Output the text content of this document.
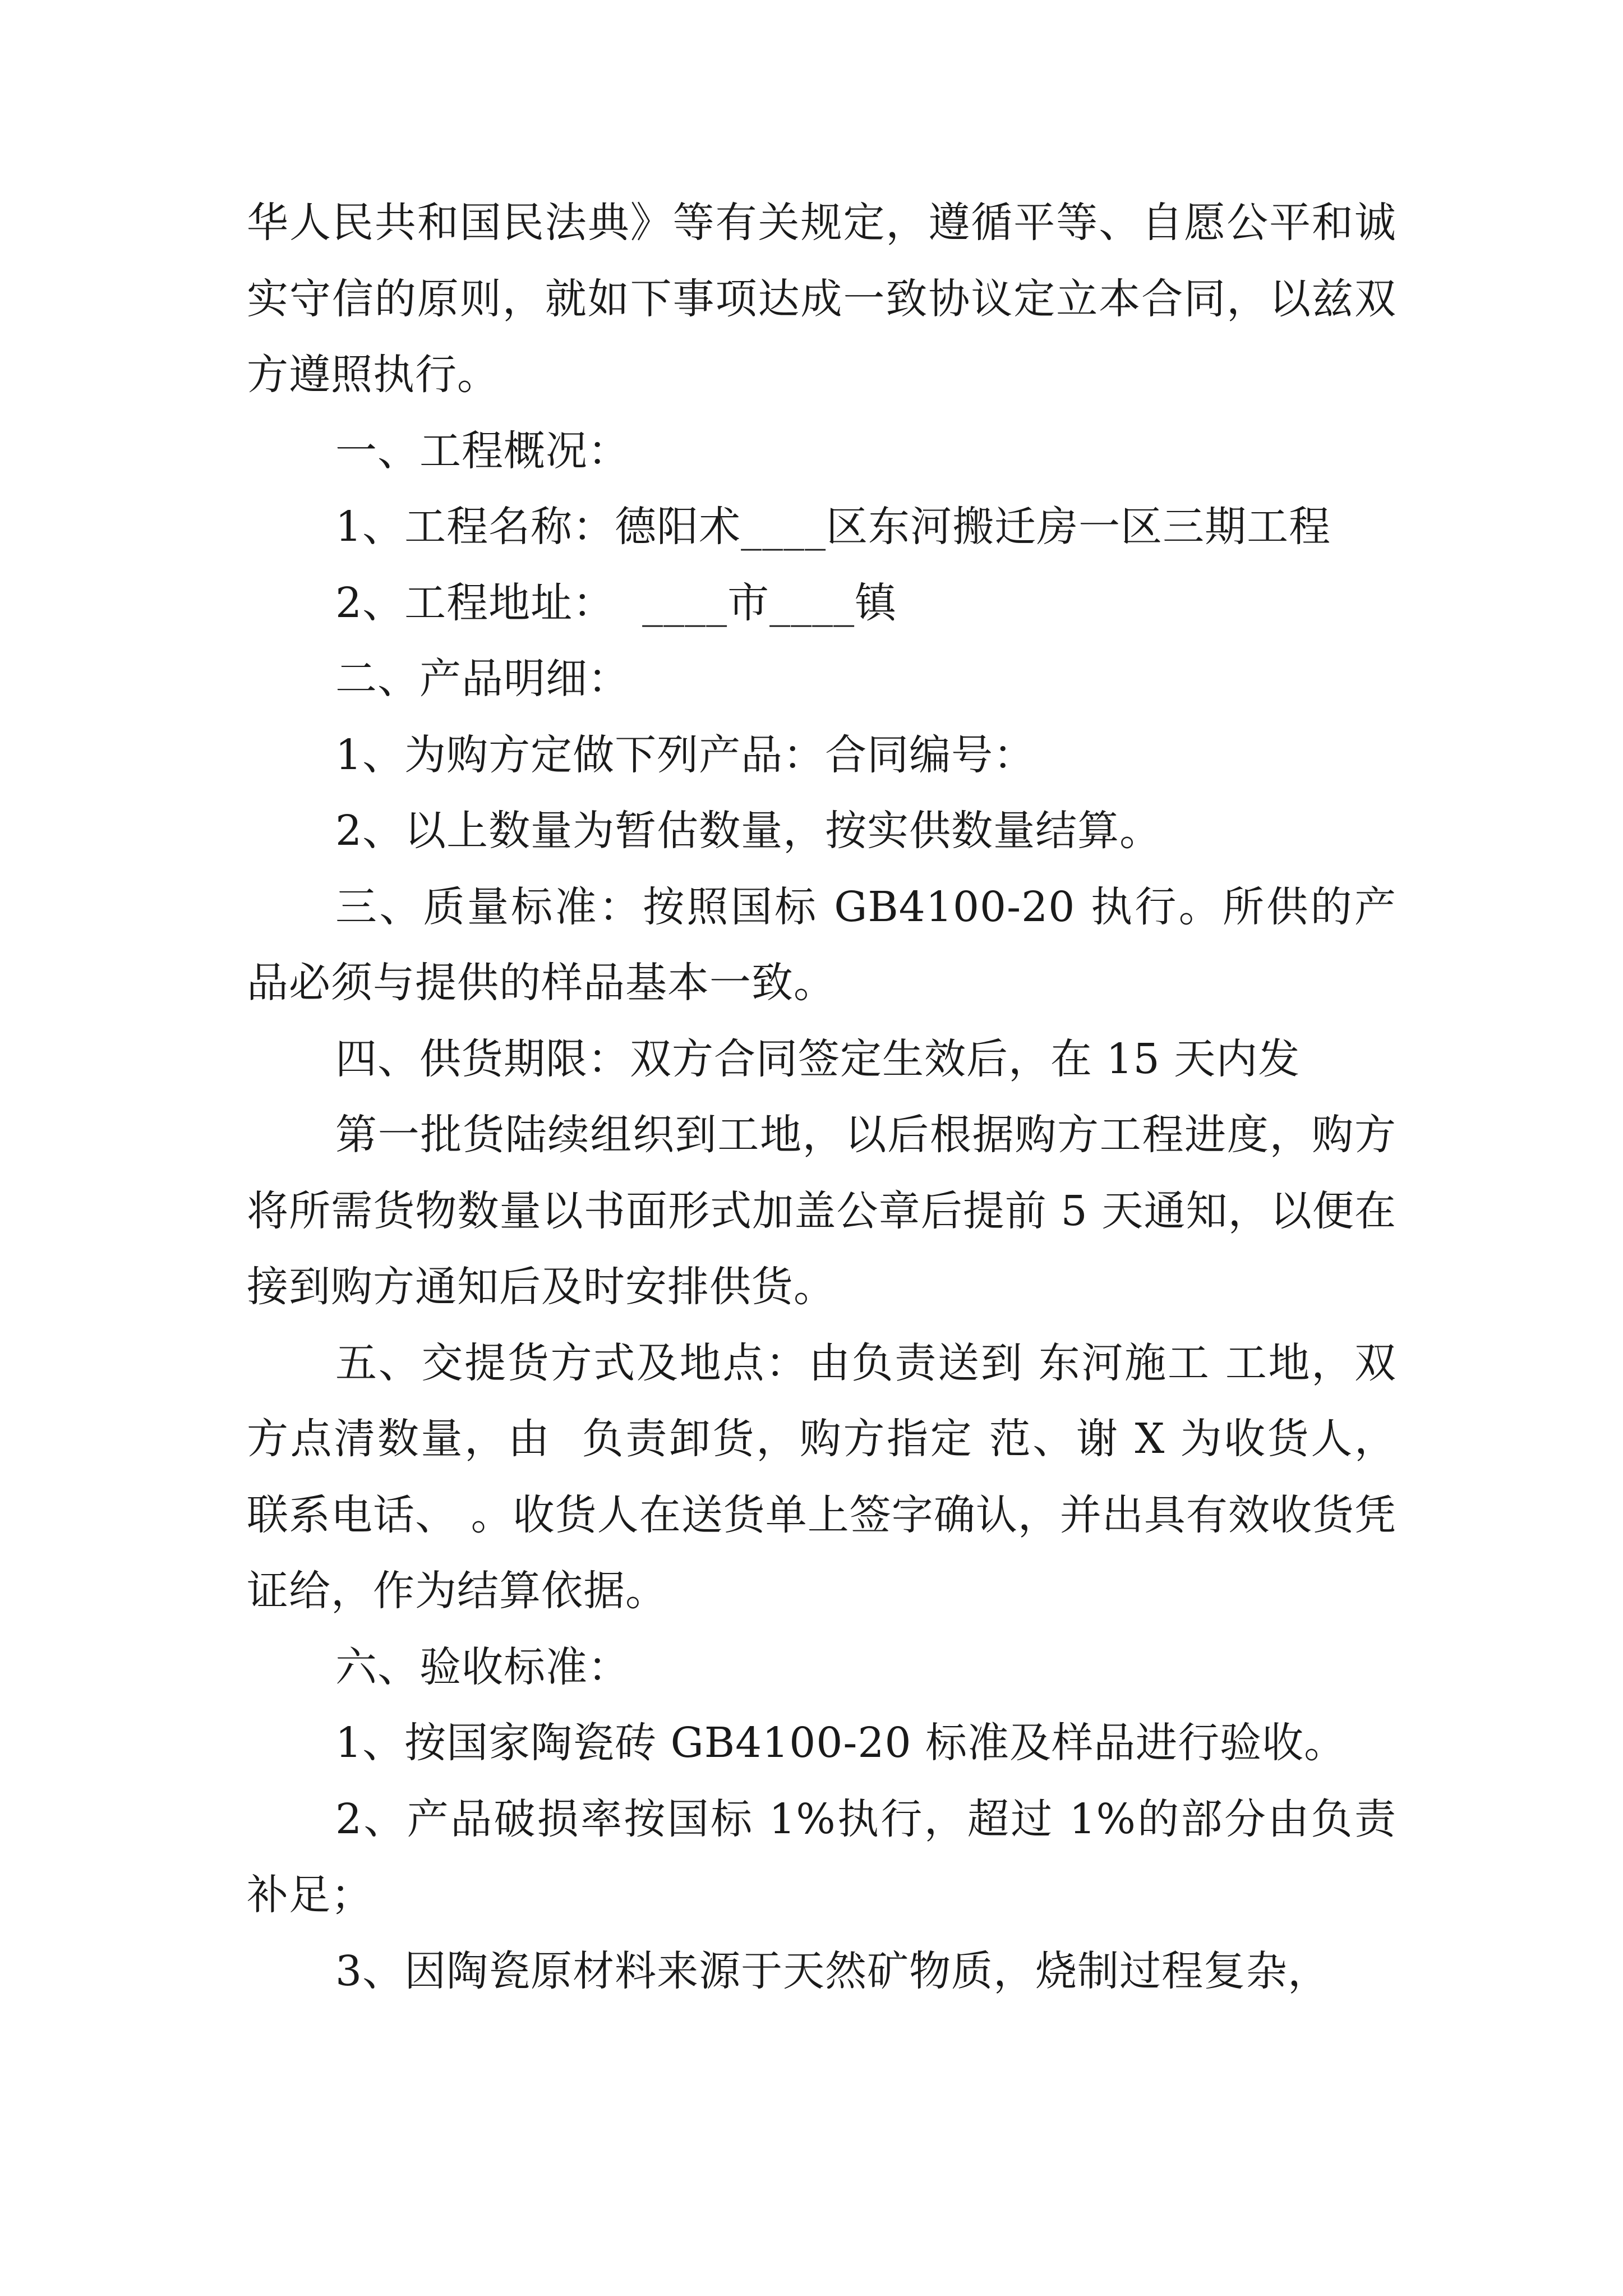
华人民共和国民法典》等有关规定，遵循平等、自愿公平和诚实守信的原则，就如下事项达成一致协议定立本合同，以兹双方遵照执行。

一、工程概况：

1、工程名称：德阳术____区东河搬迁房一区三期工程

2、工程地址：  ____市____镇

二、产品明细：

1、为购方定做下列产品：合同编号：

2、以上数量为暂估数量，按实供数量结算。

三、质量标准：按照国标 GB4100-20 执行。所供的产品必须与提供的样品基本一致。

四、供货期限：双方合同签定生效后，在 15 天内发

第一批货陆续组织到工地，以后根据购方工程进度，购方将所需货物数量以书面形式加盖公章后提前 5 天通知，以便在接到购方通知后及时安排供货。

五、交提货方式及地点：由负责送到 东河施工 工地，双方点清数量，由  负责卸货，购方指定 范、谢 X 为收货人，联系电话、 。收货人在送货单上签字确认，并出具有效收货凭证给，作为结算依据。

六、验收标准：

1、按国家陶瓷砖 GB4100-20 标准及样品进行验收。

2、产品破损率按国标 1%执行，超过 1%的部分由负责补足；

3、因陶瓷原材料来源于天然矿物质，烧制过程复杂，
